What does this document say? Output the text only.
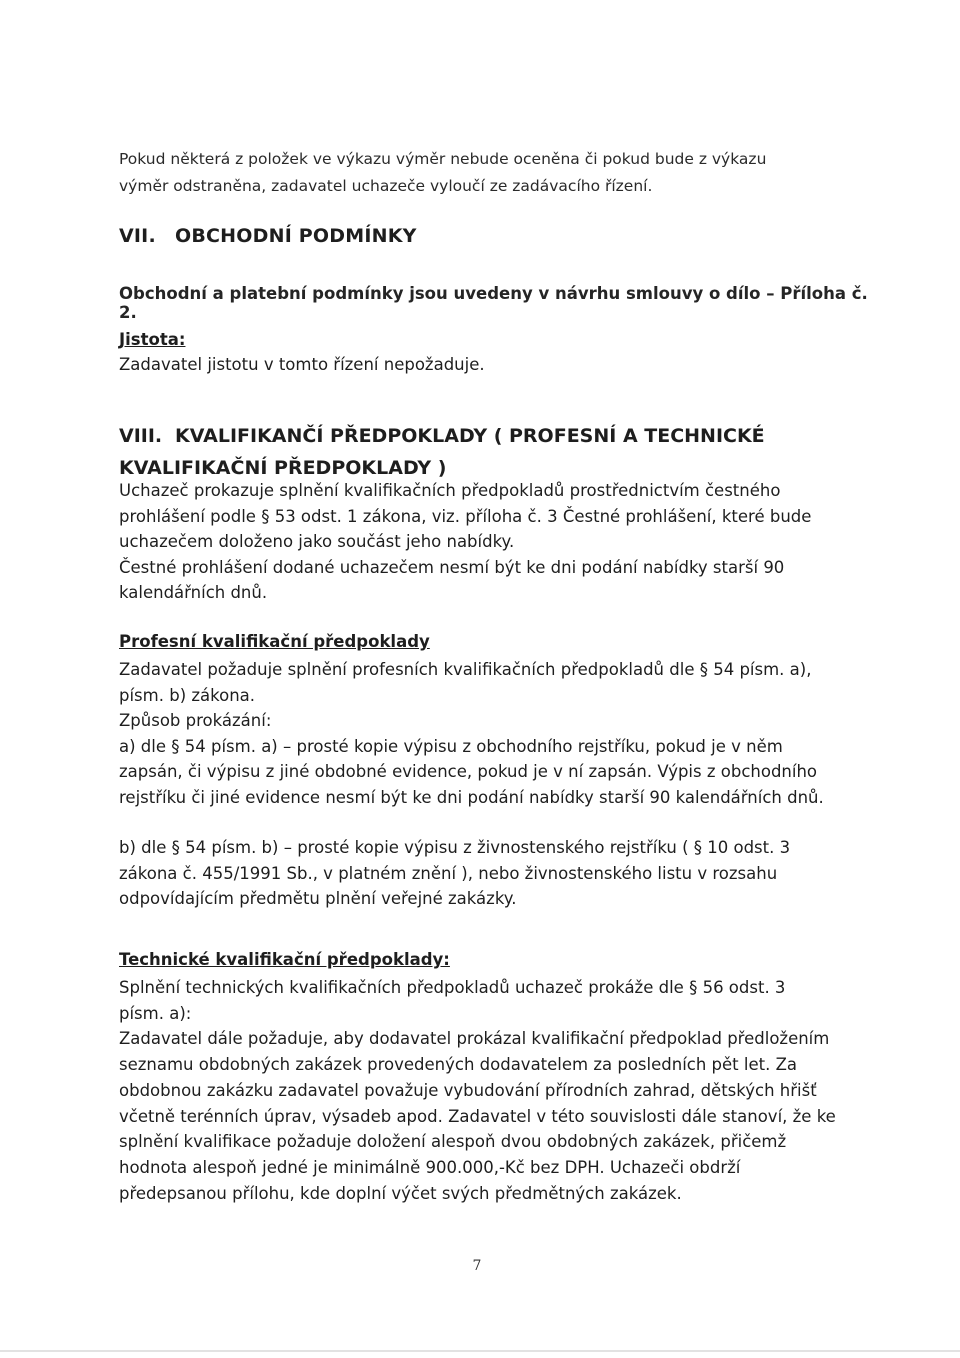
Pokud některá z položek ve výkazu výměr nebude oceněna či pokud bude z výkazu
výměr odstraněna, zadavatel uchazeče vyloučí ze zadávacího řízení.
VII. OBCHODNÍ PODMÍNKY
Obchodní a platební podmínky jsou uvedeny v návrhu smlouvy o dílo – Příloha č. 2.
Jistota:
Zadavatel jistotu v tomto řízení nepožaduje.
VIII. KVALIFIKANČÍ PŘEDPOKLADY ( PROFESNÍ A TECHNICKÉ
KVALIFIKAČNÍ PŘEDPOKLADY )
Uchazeč prokazuje splnění kvalifikačních předpokladů prostřednictvím čestného
prohlášení podle § 53 odst. 1 zákona, viz. příloha č. 3 Čestné prohlášení, které bude
uchazečem doloženo jako součást jeho nabídky.
Čestné prohlášení dodané uchazečem nesmí být ke dni podání nabídky starší 90
kalendářních dnů.
Profesní kvalifikační předpoklady
Zadavatel požaduje splnění profesních kvalifikačních předpokladů dle § 54 písm. a),
písm. b) zákona.
Způsob prokázání:
a) dle § 54 písm. a) – prosté kopie výpisu z obchodního rejstříku, pokud je v něm
zapsán, či výpisu z jiné obdobné evidence, pokud je v ní zapsán. Výpis z obchodního
rejstříku či jiné evidence nesmí být ke dni podání nabídky starší 90 kalendářních dnů.
b) dle § 54 písm. b) – prosté kopie výpisu z živnostenského rejstříku ( § 10 odst. 3
zákona č. 455/1991 Sb., v platném znění ), nebo živnostenského listu v rozsahu
odpovídajícím předmětu plnění veřejné zakázky.
Technické kvalifikační předpoklady:
Splnění technických kvalifikačních předpokladů uchazeč prokáže dle § 56 odst. 3
písm. a):
Zadavatel dále požaduje, aby dodavatel prokázal kvalifikační předpoklad předložením
seznamu obdobných zakázek provedených dodavatelem za posledních pět let. Za
obdobnou zakázku zadavatel považuje vybudování přírodních zahrad, dětských hřišť
včetně terénních úprav, výsadeb apod. Zadavatel v této souvislosti dále stanoví, že ke
splnění kvalifikace požaduje doložení alespoň dvou obdobných zakázek, přičemž
hodnota alespoň jedné je minimálně 900.000,-Kč bez DPH. Uchazeči obdrží
předepsanou přílohu, kde doplní výčet svých předmětných zakázek.
7
